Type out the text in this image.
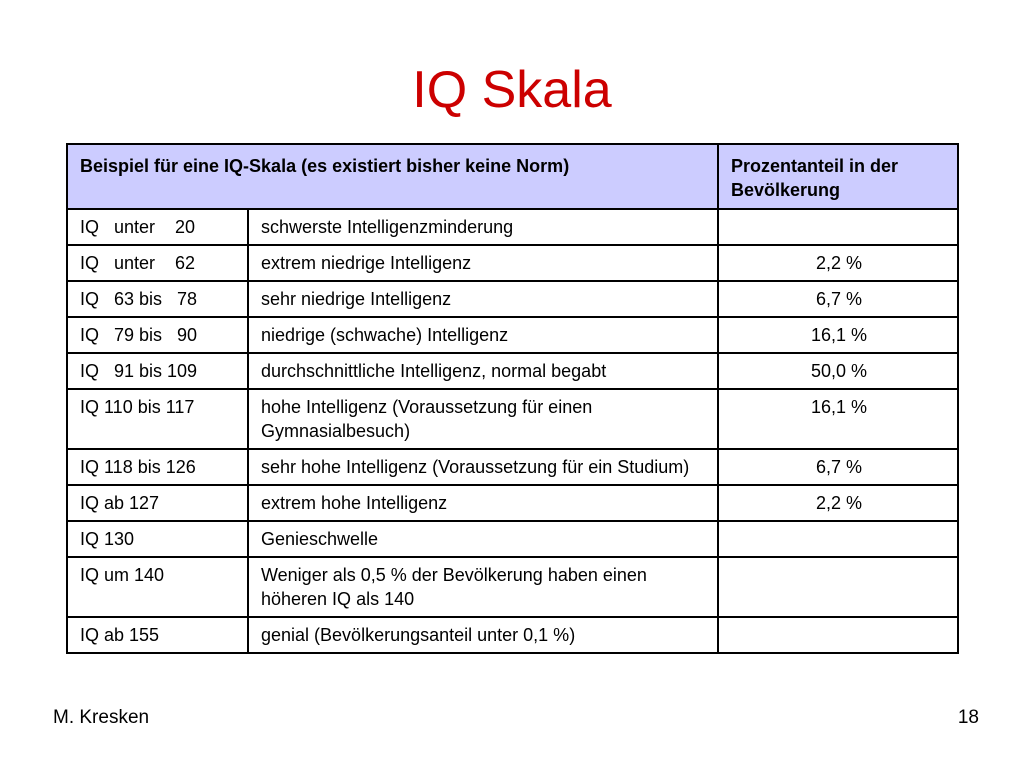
IQ Skala
Beispiel für eine IQ-Skala (es existiert bisher keine Norm)		Prozentanteil in der Bevölkerung
IQ   unter    20	schwerste Intelligenzminderung	
IQ   unter    62	extrem niedrige Intelligenz	2,2 %
IQ   63 bis   78	sehr niedrige Intelligenz	6,7 %
IQ   79 bis   90	niedrige (schwache) Intelligenz	16,1 %
IQ   91 bis 109	durchschnittliche Intelligenz, normal begabt	50,0 %
IQ 110 bis 117	hohe Intelligenz (Voraussetzung für einen Gymnasialbesuch)	16,1 %
IQ 118 bis 126	sehr hohe Intelligenz (Voraussetzung für ein Studium)	6,7 %
IQ ab 127	extrem hohe Intelligenz	2,2 %
IQ 130	Genieschwelle	
IQ um 140	Weniger als 0,5 % der Bevölkerung haben einen höheren IQ als 140	
IQ ab 155	genial (Bevölkerungsanteil unter 0,1 %)	
M. Kresken	18
